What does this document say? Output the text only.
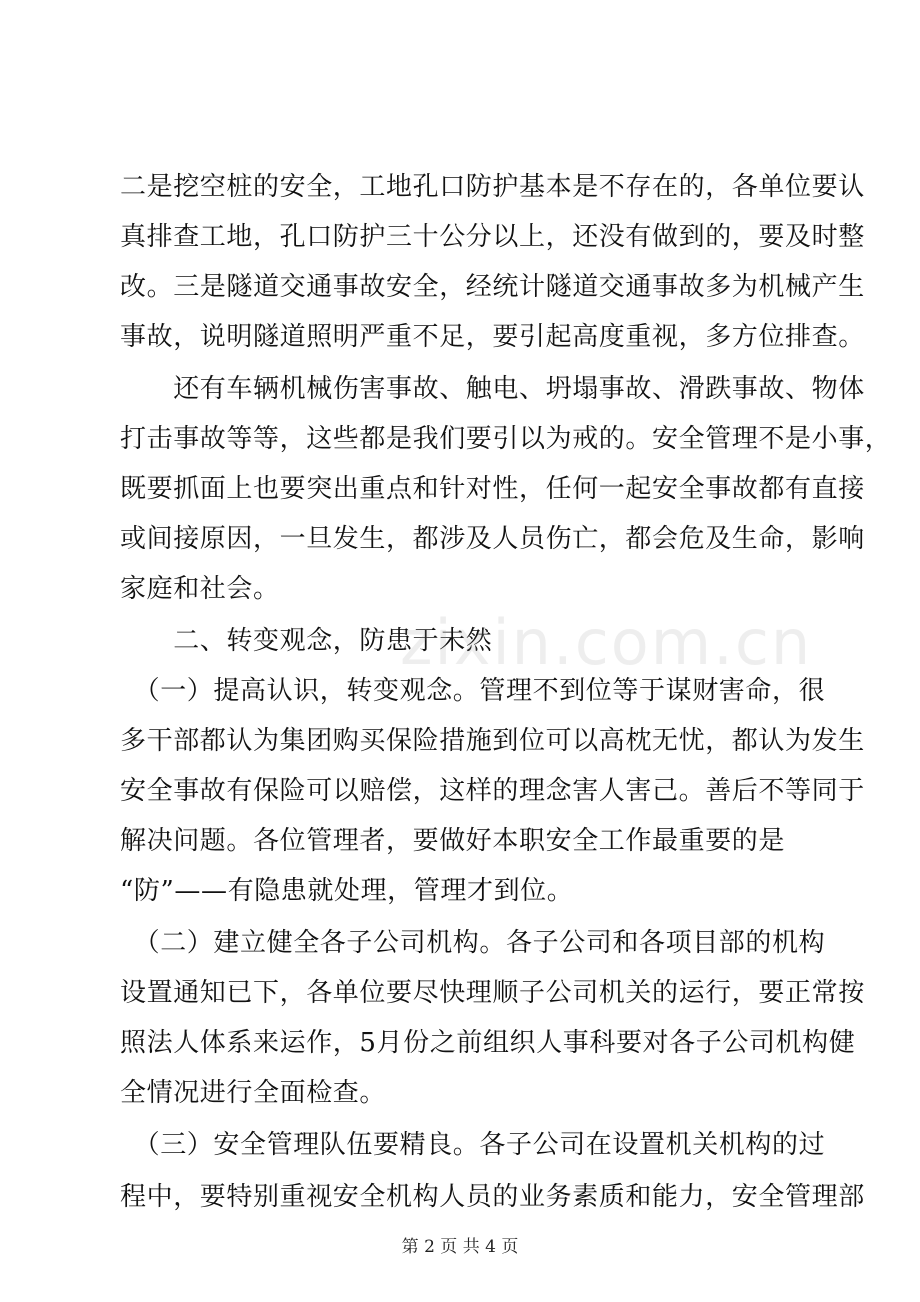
二是挖空桩的安全，工地孔口防护基本是不存在的，各单位要认
真排查工地，孔口防护三十公分以上，还没有做到的，要及时整
改。三是隧道交通事故安全，经统计隧道交通事故多为机械产生
事故，说明隧道照明严重不足，要引起高度重视，多方位排查。
　　还有车辆机械伤害事故、触电、坍塌事故、滑跌事故、物体
打击事故等等，这些都是我们要引以为戒的。安全管理不是小事，
既要抓面上也要突出重点和针对性，任何一起安全事故都有直接
或间接原因，一旦发生，都涉及人员伤亡，都会危及生命，影响
家庭和社会。
　　二、转变观念，防患于未然
　（一）提高认识，转变观念。管理不到位等于谋财害命，很
多干部都认为集团购买保险措施到位可以高枕无忧，都认为发生
安全事故有保险可以赔偿，这样的理念害人害己。善后不等同于
解决问题。各位管理者，要做好本职安全工作最重要的是
“防”——有隐患就处理，管理才到位。
　（二）建立健全各子公司机构。各子公司和各项目部的机构
设置通知已下，各单位要尽快理顺子公司机关的运行，要正常按
照法人体系来运作，5月份之前组织人事科要对各子公司机构健
全情况进行全面检查。
　（三）安全管理队伍要精良。各子公司在设置机关机构的过
zixin.com.cn
程中，要特别重视安全机构人员的业务素质和能力，安全管理部
第 2 页 共 4 页
